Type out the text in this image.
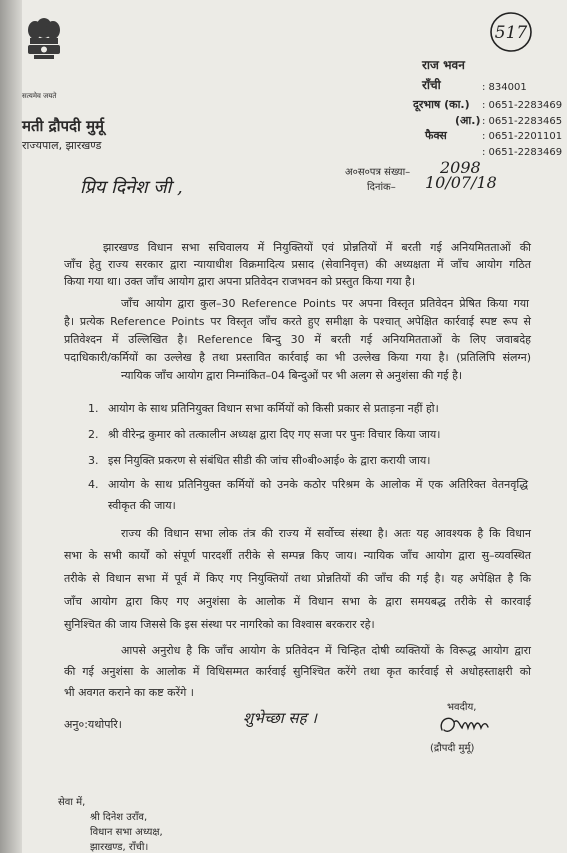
सत्यमेव जयते
मती द्रौपदी मुर्मू
राज्यपाल, झारखण्ड
517
राज भवन
राँची	: 834001
दूरभाष (का.) : 0651-2283469
(आ.) : 0651-2283465
फैक्स	: 0651-2201101
: 0651-2283469
अ०स०पत्र संख्या– 2098
दिनांक– 10/07/18
प्रिय दिनेश जी ,
झारखण्ड विधान सभा सचिवालय में नियुक्तियों एवं प्रोन्नतियों में बरती गई अनियमितताओं की
जाँच हेतु राज्य सरकार द्वारा न्यायाधीश विक्रमादित्य प्रसाद (सेवानिवृत्त) की अध्यक्षता में जाँच आयोग गठित
किया गया था। उक्त जाँच आयोग द्वारा अपना प्रतिवेदन राजभवन को प्रस्तुत किया गया है।
जाँच आयोग द्वारा कुल–30 Reference Points पर अपना विस्तृत प्रतिवेदन प्रेषित किया गया
है। प्रत्येक Reference Points पर विस्तृत जाँच करते हुए समीक्षा के पश्चात् अपेक्षित कार्रवाई स्पष्ट रूप से
प्रतिवेश्दन में उल्लिखित है। Reference बिन्दु 30 में बरती गई अनियमितताओं के लिए जवाबदेह
पदाधिकारी/कर्मियों का उल्लेख है तथा प्रस्तावित कार्रवाई का भी उल्लेख किया गया है। (प्रतिलिपि संलग्न)
न्यायिक जाँच आयोग द्वारा निम्नांकित–04 बिन्दुओं पर भी अलग से अनुशंसा की गई है।
1. आयोग के साथ प्रतिनियुक्त विधान सभा कर्मियों को किसी प्रकार से प्रताड़ना नहीं हो।
2. श्री वीरेन्द्र कुमार को तत्कालीन अध्यक्ष द्वारा दिए गए सजा पर पुनः विचार किया जाय।
3. इस नियुक्ति प्रकरण से संबंधित सीडी की जांच सी०बी०आई० के द्वारा करायी जाय।
4. आयोग के साथ प्रतिनियुक्त कर्मियों को उनके कठोर परिश्रम के आलोक में एक अतिरिक्त वेतनवृद्धि
स्वीकृत की जाय।
राज्य की विधान सभा लोक तंत्र की राज्य में सर्वोच्च संस्था है। अतः यह आवश्यक है कि विधान
सभा के सभी कार्यों को संपूर्ण पारदर्शी तरीके से सम्पन्न किए जाय। न्यायिक जाँच आयोग द्वारा सु–व्यवस्थित
तरीके से विधान सभा में पूर्व में किए गए नियुक्तियों तथा प्रोन्नतियों की जाँच की गई है। यह अपेक्षित है कि
जाँच आयोग द्वारा किए गए अनुशंसा के आलोक में विधान सभा के द्वारा समयबद्ध तरीके से कारवाई
सुनिश्चित की जाय जिससे कि इस संस्था पर नागरिको का विश्वास बरकरार रहे।
आपसे अनुरोध है कि जाँच आयोग के प्रतिवेदन में चिन्हित दोषी व्यक्तियों के विरूद्ध आयोग द्वारा
की गई अनुशंसा के आलोक में विधिसम्मत कार्रवाई सुनिश्चित करेंगे तथा कृत कार्रवाई से अधोहस्ताक्षरी को
भी अवगत कराने का कष्ट करेंगे ।
भवदीय,
अनु०:यथोपरि।	शुभेच्छा सह ।
(द्रौपदी मुर्मू)
सेवा में,
श्री दिनेश उराँव,
विधान सभा अध्यक्ष,
झारखण्ड, राँची।
